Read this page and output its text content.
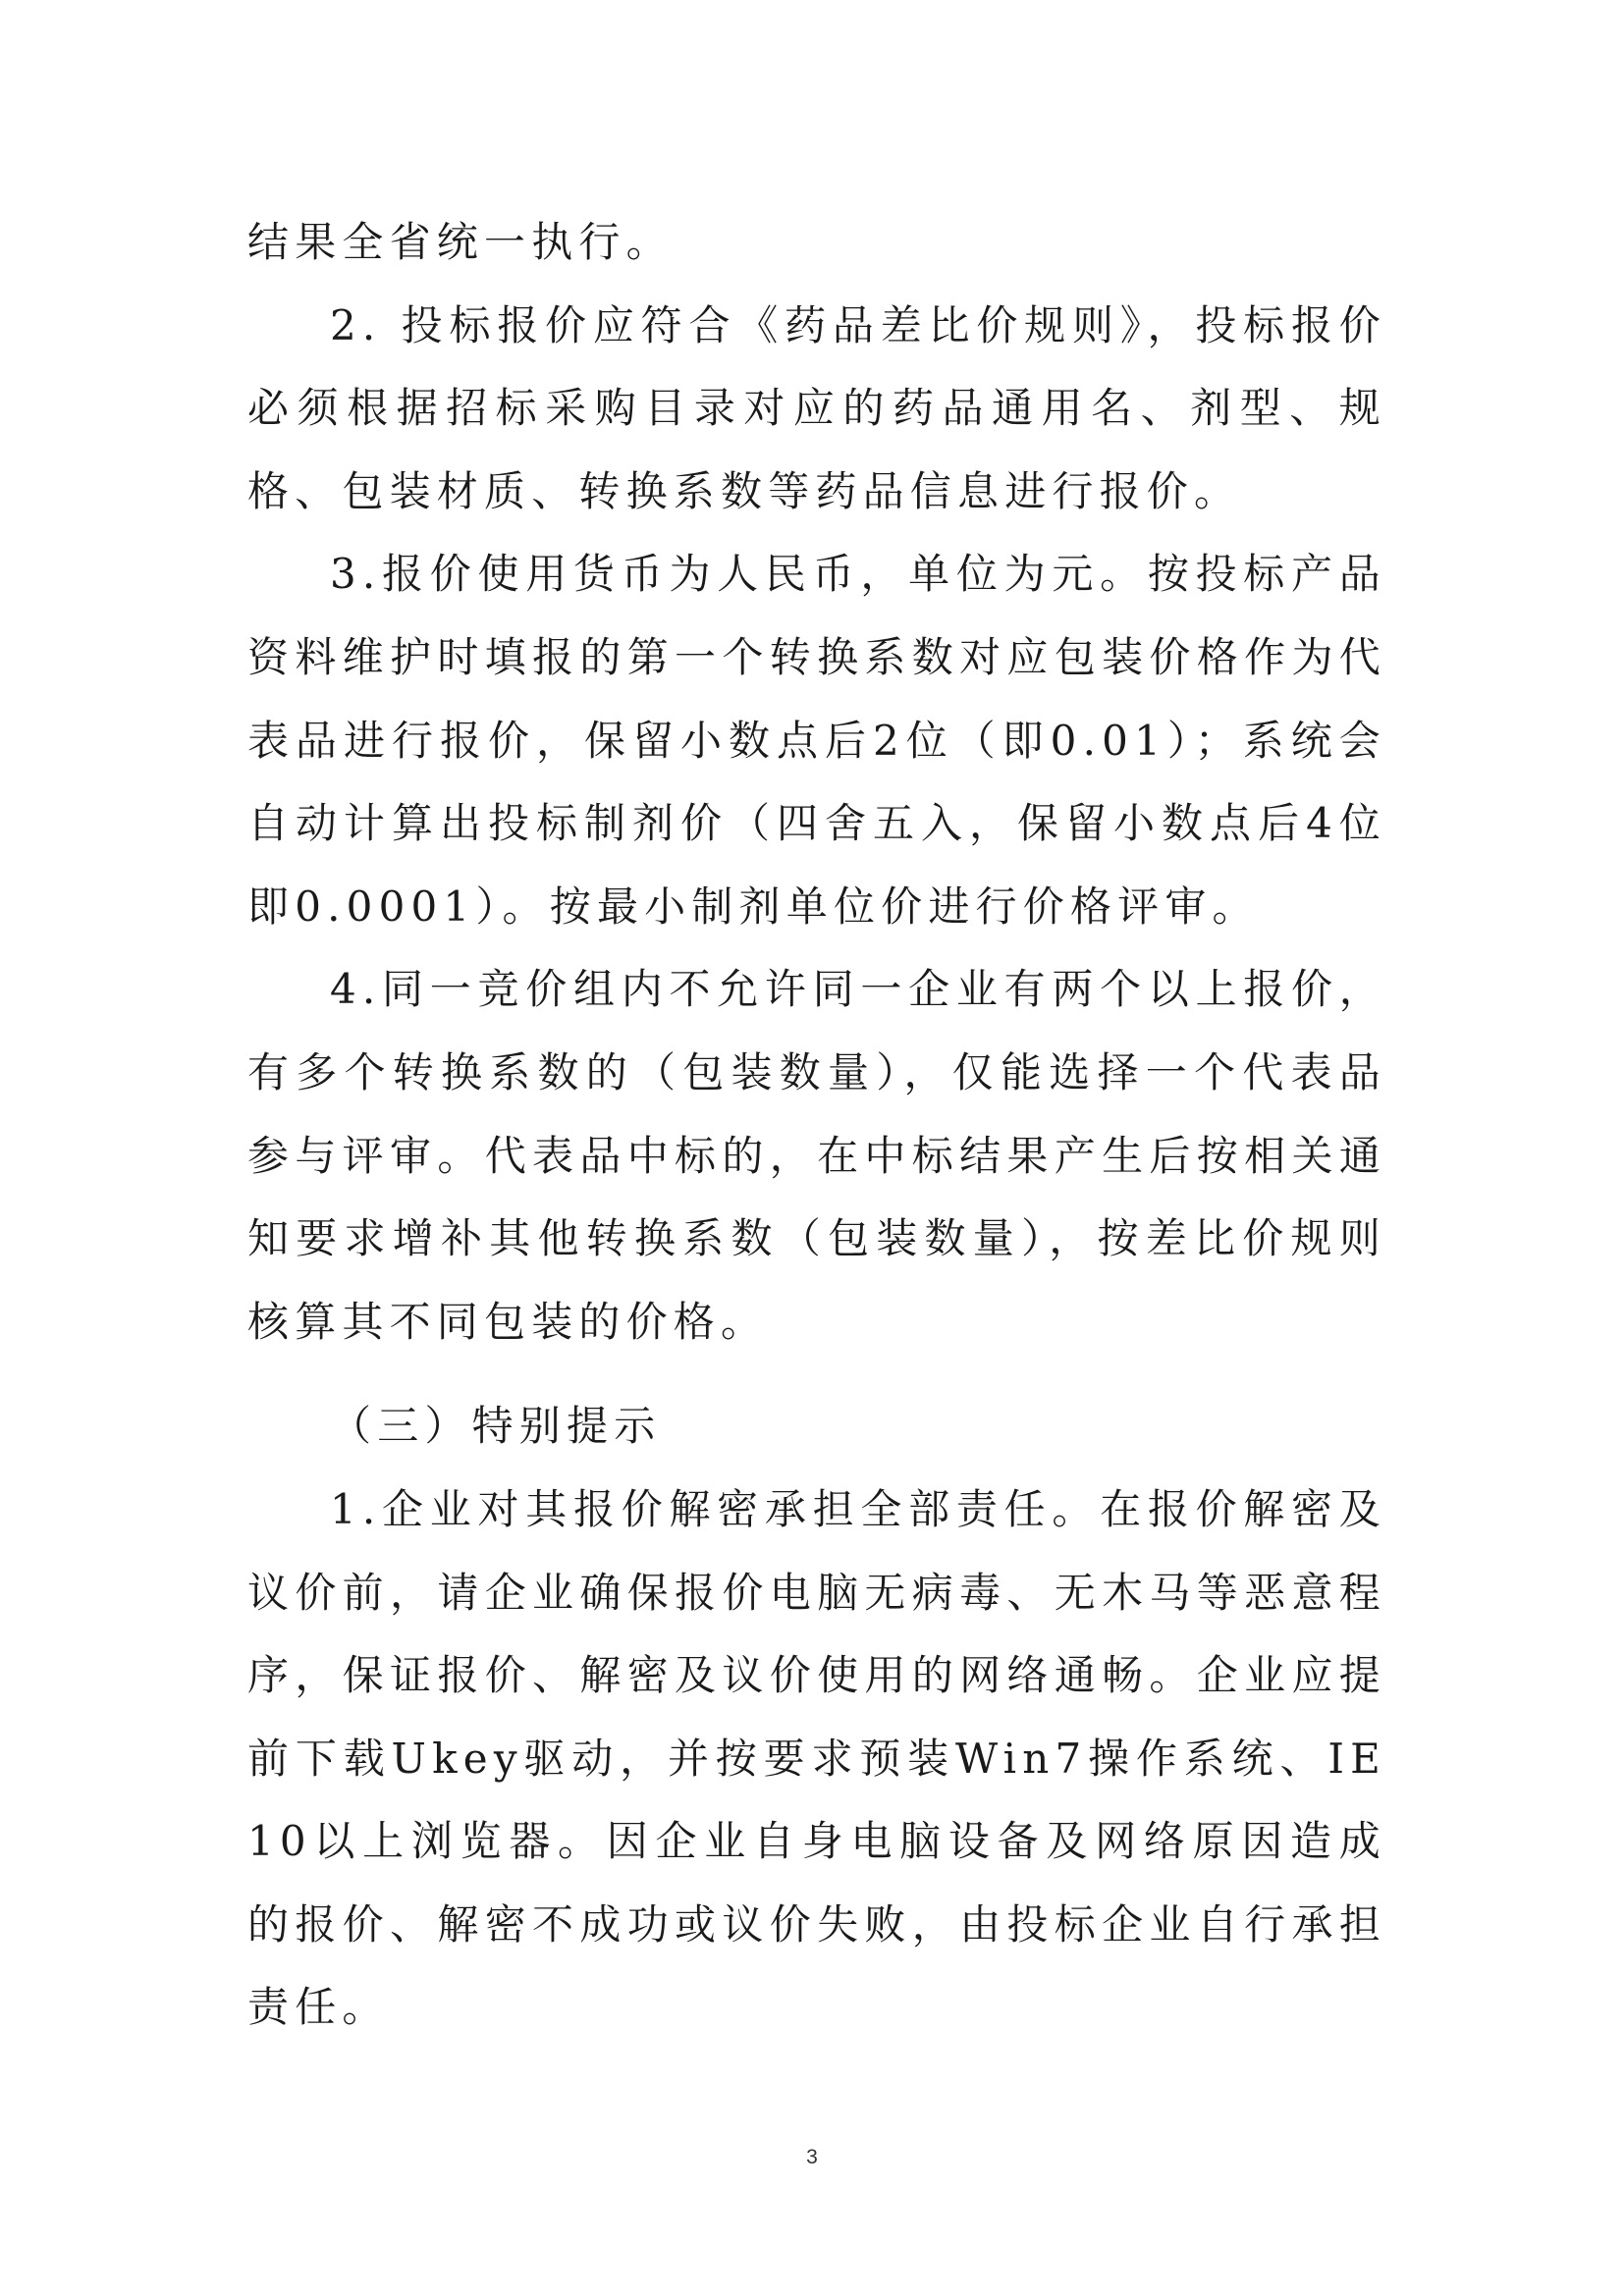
结果全省统一执行。

2. 投标报价应符合《药品差比价规则》，投标报价必须根据招标采购目录对应的药品通用名、剂型、规格、包装材质、转换系数等药品信息进行报价。

3.报价使用货币为人民币，单位为元。按投标产品资料维护时填报的第一个转换系数对应包装价格作为代表品进行报价，保留小数点后2位（即0.01）；系统会自动计算出投标制剂价（四舍五入，保留小数点后4位即0.0001）。按最小制剂单位价进行价格评审。

4.同一竞价组内不允许同一企业有两个以上报价，有多个转换系数的（包装数量），仅能选择一个代表品参与评审。代表品中标的，在中标结果产生后按相关通知要求增补其他转换系数（包装数量），按差比价规则核算其不同包装的价格。

（三）特别提示

1.企业对其报价解密承担全部责任。在报价解密及议价前，请企业确保报价电脑无病毒、无木马等恶意程序，保证报价、解密及议价使用的网络通畅。企业应提前下载Ukey驱动，并按要求预装Win7操作系统、IE10以上浏览器。因企业自身电脑设备及网络原因造成的报价、解密不成功或议价失败，由投标企业自行承担责任。

3
